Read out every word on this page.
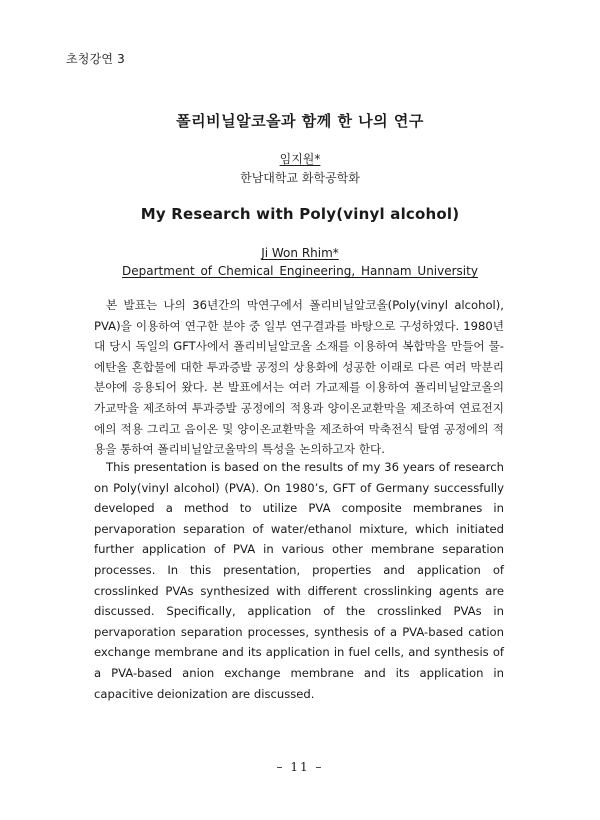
초청강연 3
폴리비닐알코올과 함께 한 나의 연구
임지원*
한남대학교 화학공학화
My Research with Poly(vinyl alcohol)
Ji Won Rhim*
Department of Chemical Engineering, Hannam University

본 발표는 나의 36년간의 막연구에서 폴리비닐알코올(Poly(vinyl alcohol), PVA)을 이용하여 연구한 분야 중 일부 연구결과를 바탕으로 구성하였다. 1980년대 당시 독일의 GFT사에서 폴리비닐알코올 소재를 이용하여 복합막을 만들어 물-에탄올 혼합물에 대한 투과증발 공정의 상용화에 성공한 이래로 다른 여러 막분리 분야에 응용되어 왔다. 본 발표에서는 여러 가교제를 이용하여 폴리비닐알코올의 가교막을 제조하여 투과증발 공정에의 적용과 양이온교환막을 제조하여 연료전지에의 적용 그리고 음이온 및 양이온교환막을 제조하여 막축전식 탈염 공정에의 적용을 통하여 폴리비닐알코올막의 특성을 논의하고자 한다.

This presentation is based on the results of my 36 years of research on Poly(vinyl alcohol) (PVA). On 1980’s, GFT of Germany successfully developed a method to utilize PVA composite membranes in pervaporation separation of water/ethanol mixture, which initiated further application of PVA in various other membrane separation processes. In this presentation, properties and application of crosslinked PVAs synthesized with different crosslinking agents are discussed. Specifically, application of the crosslinked PVAs in pervaporation separation processes, synthesis of a PVA-based cation exchange membrane and its application in fuel cells, and synthesis of a PVA-based anion exchange membrane and its application in capacitive deionization are discussed.

– 11 –
